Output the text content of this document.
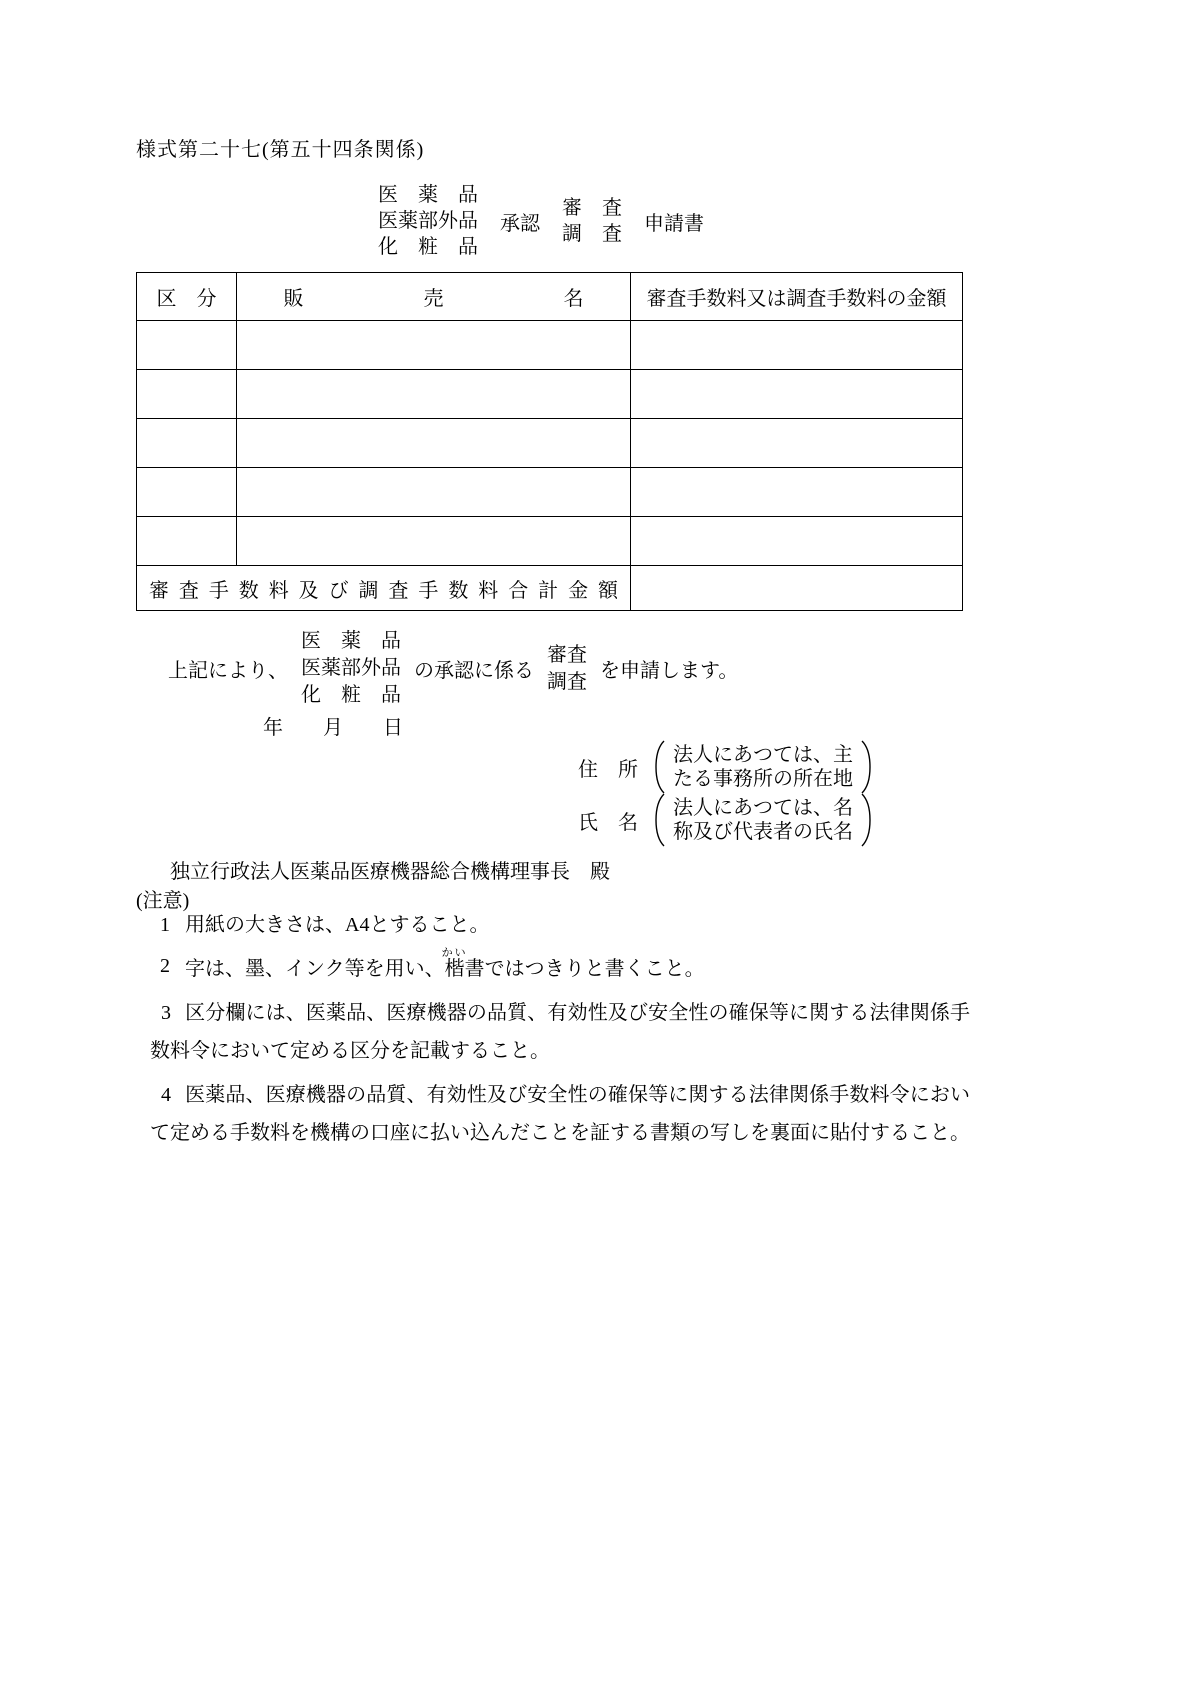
様式第二十七(第五十四条関係)
医　薬　品
医薬部外品
化　粧　品
承認
審　査
調　査 申請書
区　分	販　　　　　　売　　　　　　名	審査手数料又は調査手数料の金額

審 査 手 数 料 及 び 調 査 手 数 料 合 計 金 額		
上記により、
医　薬　品
医薬部外品
化　粧　品
の承認に係る
審査
調査 を申請します。
年　　月　　日
住　所
法人にあつては、主
たる事務所の所在地
氏　名
法人にあつては、名
称及び代表者の氏名
独立行政法人医薬品医療機器総合機構理事長　殿
(注意)
1 用紙の大きさは、A4とすること。
2 字は、墨、インク等を用い、楷かい書ではつきりと書くこと。

3 区分欄には、医薬品、医療機器の品質、有効性及び安全性の確保等に関する法律関係手数料令において定める区分を記載すること。

4 医薬品、医療機器の品質、有効性及び安全性の確保等に関する法律関係手数料令において定める手数料を機構の口座に払い込んだことを証する書類の写しを裏面に貼付すること。
